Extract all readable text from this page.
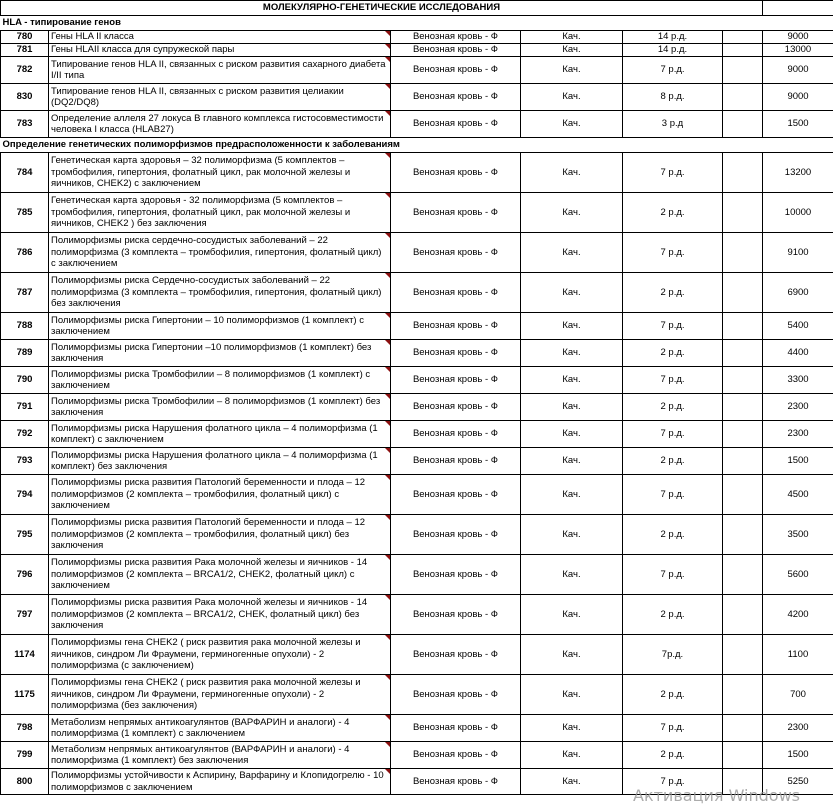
МОЛЕКУЛЯРНО-ГЕНЕТИЧЕСКИЕ ИССЛЕДОВАНИЯ						
HLA - типирование генов						
780	Гены HLA II класса	Венозная кровь - Ф	Кач.	14 р.д.		9000
781	Гены HLAII класса для супружеской пары	Венозная кровь - Ф	Кач.	14 р.д.		13000
782	Типирование генов HLA II, связанных с риском развития сахарного диабета I/II типа	Венозная кровь - Ф	Кач.	7 р.д.		9000
830	Типирование генов HLA II, связанных с риском развития целиакии (DQ2/DQ8)	Венозная кровь - Ф	Кач.	8 р.д.		9000
783	Определение аллеля 27 локуса B главного комплекса гистосовместимости человека I класса (HLAB27)	Венозная кровь - Ф	Кач.	3 р.д		1500
Определение генетических полиморфизмов предрасположенности к заболеваниям						
784	Генетическая карта здоровья – 32 полиморфизма (5 комплектов – тромбофилия, гипертония, фолатный цикл, рак молочной железы и яичников, CHEK2) с заключением	Венозная кровь - Ф	Кач.	7 р.д.		13200
785	Генетическая карта здоровья - 32 полиморфизма (5 комплектов – тромбофилия, гипертония, фолатный цикл, рак молочной железы и яичников, CHEK2 ) без заключения	Венозная кровь - Ф	Кач.	2 р.д.		10000
786	Полиморфизмы риска сердечно-сосудистых заболеваний – 22 полиморфизма (3 комплекта – тромбофилия, гипертония, фолатный цикл) с заключением	Венозная кровь - Ф	Кач.	7 р.д.		9100
787	Полиморфизмы риска Сердечно-сосудистых заболеваний – 22 полиморфизма (3 комплекта – тромбофилия, гипертония, фолатный цикл) без заключения	Венозная кровь - Ф	Кач.	2 р.д.		6900
788	Полиморфизмы риска Гипертонии – 10 полиморфизмов (1 комплект) с заключением	Венозная кровь - Ф	Кач.	7 р.д.		5400
789	Полиморфизмы риска Гипертонии –10 полиморфизмов (1 комплект) без заключения	Венозная кровь - Ф	Кач.	2 р.д.		4400
790	Полиморфизмы риска Тромбофилии – 8 полиморфизмов (1 комплект) с заключением	Венозная кровь - Ф	Кач.	7 р.д.		3300
791	Полиморфизмы риска Тромбофилии – 8 полиморфизмов (1 комплект) без заключения	Венозная кровь - Ф	Кач.	2 р.д.		2300
792	Полиморфизмы риска Нарушения фолатного цикла – 4 полиморфизма (1 комплект) с заключением	Венозная кровь - Ф	Кач.	7 р.д.		2300
793	Полиморфизмы риска Нарушения фолатного цикла – 4 полиморфизма (1 комплект) без заключения	Венозная кровь - Ф	Кач.	2 р.д.		1500
794	Полиморфизмы риска развития Патологий беременности и плода – 12 полиморфизмов (2 комплекта – тромбофилия, фолатный цикл) с заключением	Венозная кровь - Ф	Кач.	7 р.д.		4500
795	Полиморфизмы риска развития Патологий беременности и плода – 12 полиморфизмов (2 комплекта – тромбофилия, фолатный цикл) без заключения	Венозная кровь - Ф	Кач.	2 р.д.		3500
796	Полиморфизмы риска развития Рака молочной железы и яичников - 14 полиморфизмов (2 комплекта – BRCA1/2, CHEK2, фолатный цикл) с заключением	Венозная кровь - Ф	Кач.	7 р.д.		5600
797	Полиморфизмы риска развития Рака молочной железы и яичников - 14 полиморфизмов (2 комплекта – BRCA1/2, CHEK, фолатный цикл) без заключения	Венозная кровь - Ф	Кач.	2 р.д.		4200
1174	Полиморфизмы гена CHEK2 ( риск развития рака молочной железы и яичников, синдром Ли Фраумени, герминогенные опухоли) - 2 полиморфизма (с заключением)	Венозная кровь - Ф	Кач.	7р.д.		1100
1175	Полиморфизмы гена CHEK2 ( риск развития рака молочной железы и яичников, синдром Ли Фраумени, герминогенные опухоли) - 2 полиморфизма (без заключения)	Венозная кровь - Ф	Кач.	2 р.д.		700
798	Метаболизм непрямых антикоагулянтов (ВАРФАРИН и аналоги) - 4 полиморфизма (1 комплект) с заключением	Венозная кровь - Ф	Кач.	7 р.д.		2300
799	Метаболизм непрямых антикоагулянтов (ВАРФАРИН и аналоги) - 4 полиморфизма (1 комплект) без заключения	Венозная кровь - Ф	Кач.	2 р.д.		1500
800	Полиморфизмы устойчивости к Аспирину, Варфарину и Клопидогрелю - 10 полиморфизмов с заключением	Венозная кровь - Ф	Кач.	7 р.д.		5250
Активация Windows
